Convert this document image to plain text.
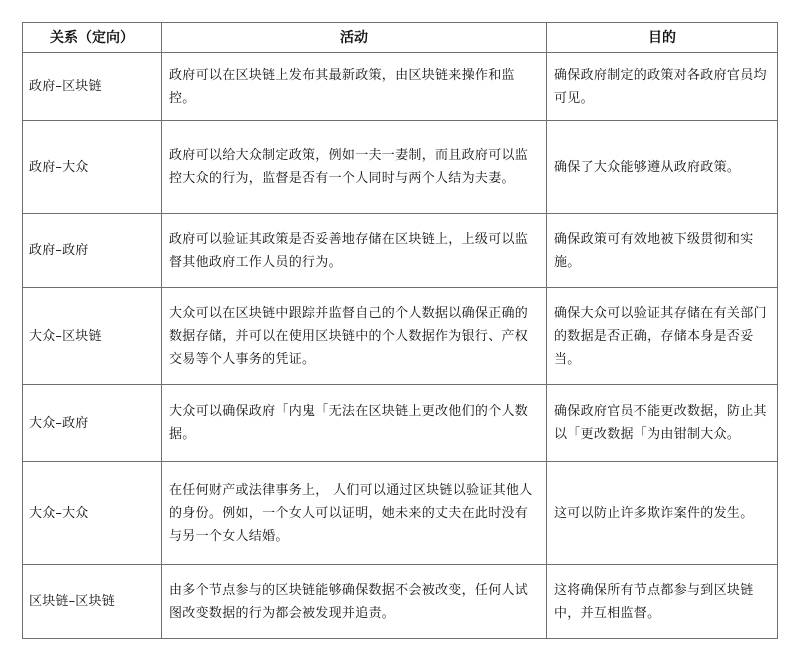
关系（定向）	活动	目的
政府–区块链	政府可以在区块链上发布其最新政策，由区块链来操作和监控。	确保政府制定的政策对各政府官员均可见。
政府–大众	政府可以给大众制定政策，例如一夫一妻制，而且政府可以监控大众的行为，监督是否有一个人同时与两个人结为夫妻。	确保了大众能够遵从政府政策。
政府–政府	政府可以验证其政策是否妥善地存储在区块链上，上级可以监督其他政府工作人员的行为。	确保政策可有效地被下级贯彻和实施。
大众–区块链	大众可以在区块链中跟踪并监督自己的个人数据以确保正确的数据存储，并可以在使用区块链中的个人数据作为银行、产权交易等个人事务的凭证。	确保大众可以验证其存储在有关部门的数据是否正确，存储本身是否妥当。
大众–政府	大众可以确保政府「内鬼「无法在区块链上更改他们的个人数据。	确保政府官员不能更改数据，防止其以「更改数据「为由钳制大众。
大众–大众	在任何财产或法律事务上， 人们可以通过区块链以验证其他人的身份。例如，一个女人可以证明，她未来的丈夫在此时没有与另一个女人结婚。	这可以防止许多欺诈案件的发生。
区块链–区块链	由多个节点参与的区块链能够确保数据不会被改变，任何人试图改变数据的行为都会被发现并追责。	这将确保所有节点都参与到区块链中，并互相监督。
